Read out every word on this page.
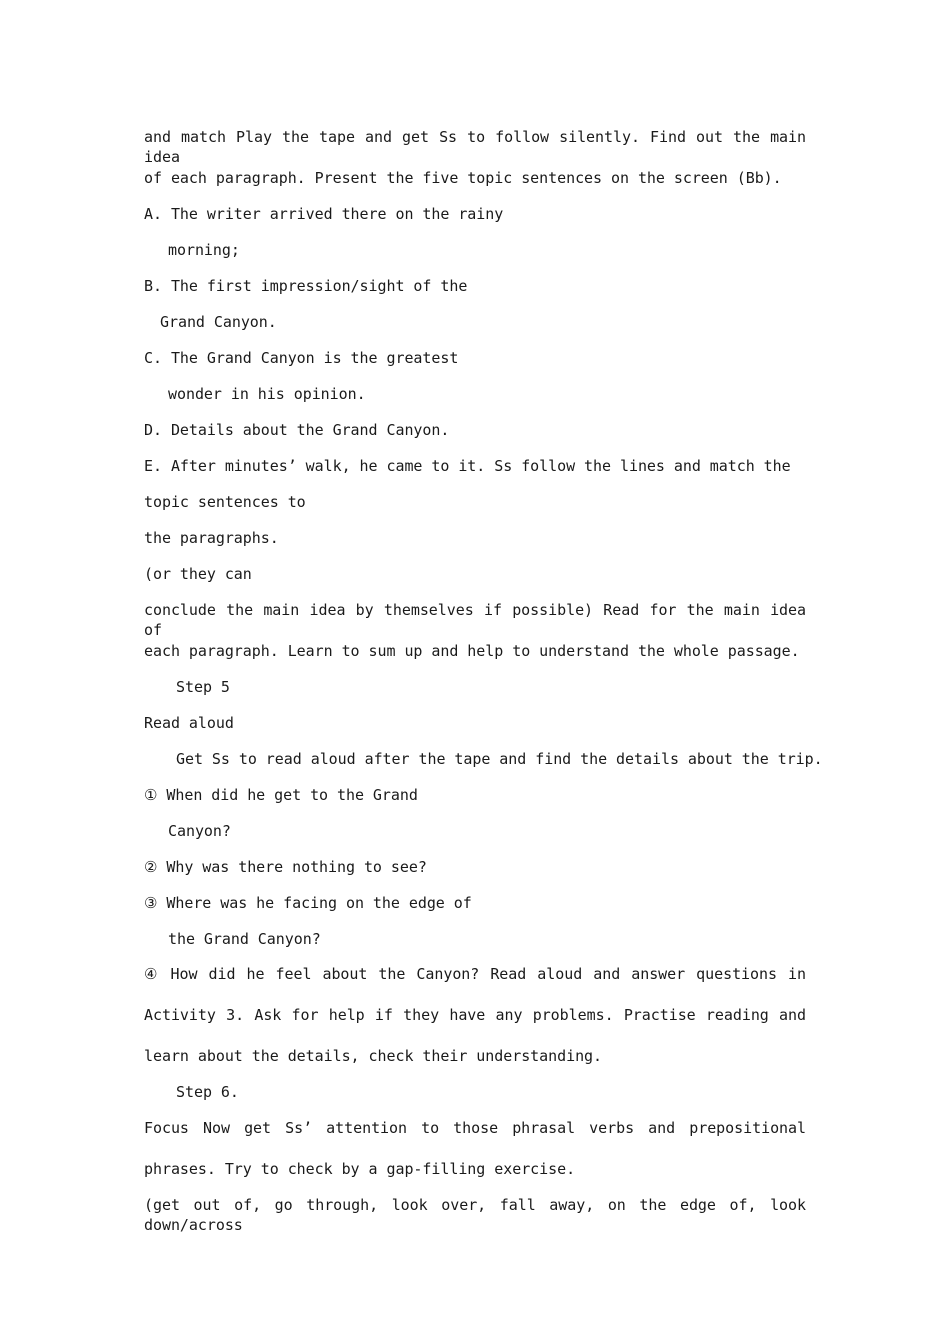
and match Play the tape and get Ss to follow silently. Find out the main idea
of each paragraph. Present the five topic sentences on the screen (Bb).
A. The writer arrived there on the rainy
morning;
B. The first impression/sight of the
Grand Canyon.
C. The Grand Canyon is the greatest
wonder in his opinion.
D. Details about the Grand Canyon.
E. After minutes’ walk, he came to it. Ss follow the lines and match the
topic sentences to
the paragraphs.
(or they can
conclude the main idea by themselves if possible) Read for the main idea of
each paragraph. Learn to sum up and help to understand the whole passage.
Step 5
Read aloud
Get Ss to read aloud after the tape and find the details about the trip.
① When did he get to the Grand
Canyon?
② Why was there nothing to see?
③ Where was he facing on the edge of
the Grand Canyon?
④ How did he feel about the Canyon? Read aloud and answer questions in
Activity 3. Ask for help if they have any problems. Practise reading and
learn about the details, check their understanding.
Step 6.
Focus Now get Ss’ attention to those phrasal verbs and prepositional
phrases. Try to check by a gap-filling exercise.
(get out of, go through, look over, fall away, on the edge of, look down/across
